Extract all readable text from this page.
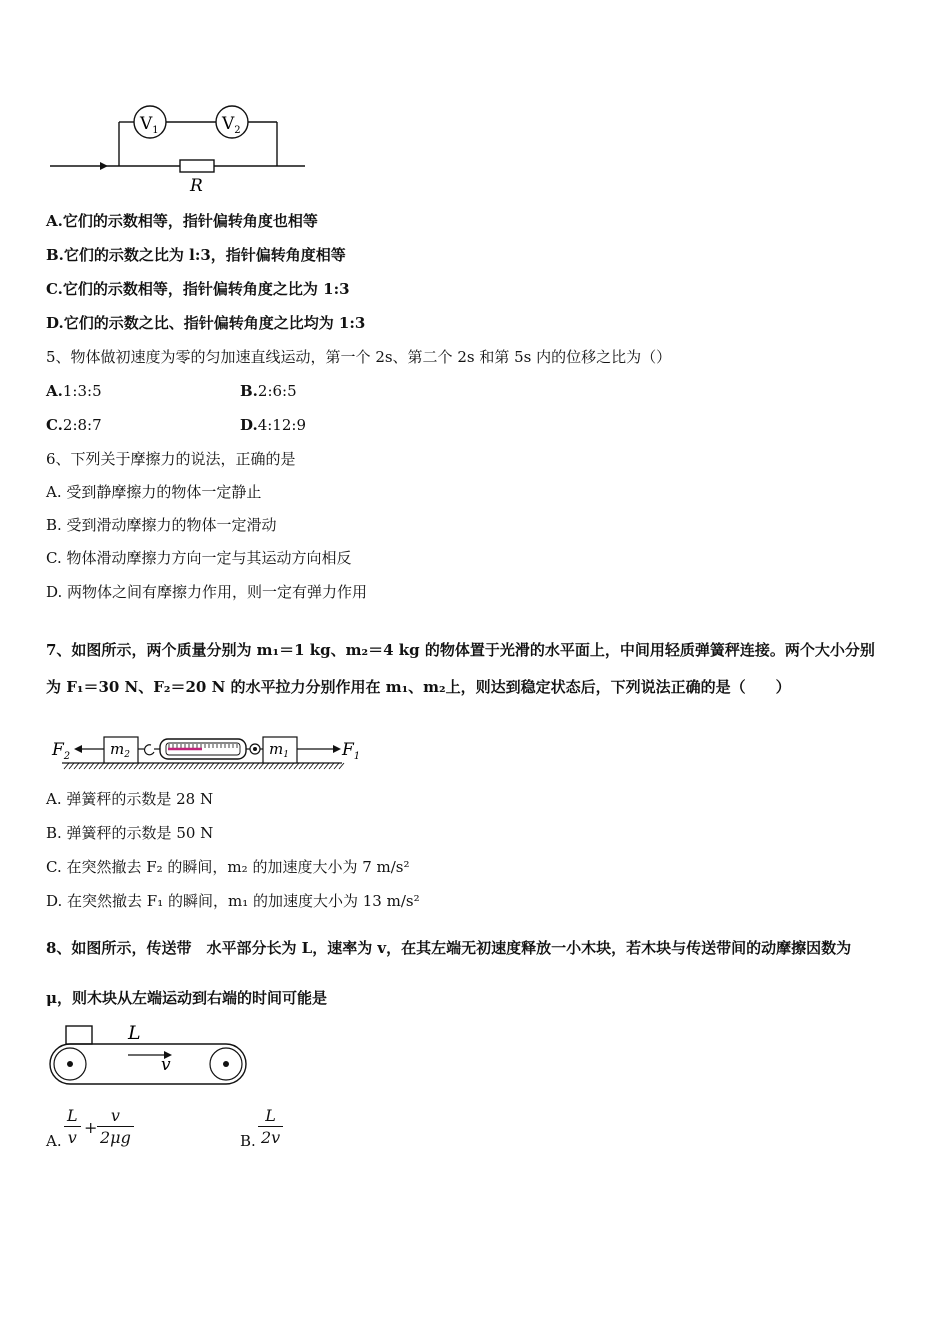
$V_1$	$V_2$
R
A.它们的示数相等，指针偏转角度也相等
B.它们的示数之比为 l:3，指针偏转角度相等
C.它们的示数相等，指针偏转角度之比为 1:3
D.它们的示数之比、指针偏转角度之比均为 1:3
5、物体做初速度为零的匀加速直线运动，第一个 2s、第二个 2s 和第 5s 内的位移之比为（）
A.1:3:5	B.2:6:5
C.2:8:7	D.4:12:9
6、下列关于摩擦力的说法，正确的是
A. 受到静摩擦力的物体一定静止
B. 受到滑动摩擦力的物体一定滑动
C. 物体滑动摩擦力方向一定与其运动方向相反
D. 两物体之间有摩擦力作用，则一定有弹力作用
7、如图所示，两个质量分别为 m₁＝1 kg、m₂＝4 kg 的物体置于光滑的水平面上，中间用轻质弹簧秤连接。两个大小分别
为 F₁＝30 N、F₂＝20 N 的水平拉力分别作用在 m₁、m₂上，则达到稳定状态后，下列说法正确的是（　　）
$F_2$	$m_2$	$m_1$	$F_1$
A. 弹簧秤的示数是 28 N
B. 弹簧秤的示数是 50 N
C. 在突然撤去 F₂ 的瞬间，m₂ 的加速度大小为 7 m/s²
D. 在突然撤去 F₁ 的瞬间，m₁ 的加速度大小为 13 m/s²
8、如图所示，传送带　水平部分长为 L，速率为 v，在其左端无初速度释放一小木块，若木块与传送带间的动摩擦因数为
μ，则木块从左端运动到右端的时间可能是
L
v
A. $\frac{L}{v} + \frac{v}{2\mu g}$	B. $\frac{L}{2v}$
